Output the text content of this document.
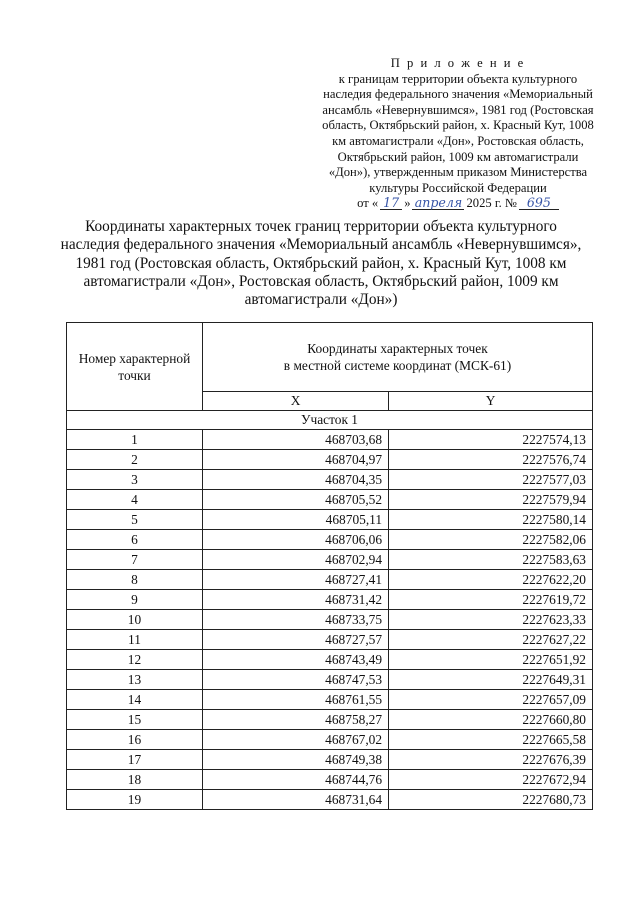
П р и л о ж е н и е
к границам территории объекта культурного наследия федерального значения «Мемориальный ансамбль «Невернувшимся», 1981 год (Ростовская область, Октябрьский район, х. Красный Кут, 1008 км автомагистрали «Дон», Ростовская область, Октябрьский район, 1009 км автомагистрали «Дон»), утвержденным приказом Министерства культуры Российской Федерации
от « 17 » апреля 2025 г. № 695
Координаты характерных точек границ территории объекта культурного наследия федерального значения «Мемориальный ансамбль «Невернувшимся», 1981 год (Ростовская область, Октябрьский район, х. Красный Кут, 1008 км автомагистрали «Дон», Ростовская область, Октябрьский район, 1009 км автомагистрали «Дон»)
Номер характерной точки	Координаты характерных точек
в местной системе координат (МСК-61)	
	X	Y
Участок 1		
1	468703,68	2227574,13
2	468704,97	2227576,74
3	468704,35	2227577,03
4	468705,52	2227579,94
5	468705,11	2227580,14
6	468706,06	2227582,06
7	468702,94	2227583,63
8	468727,41	2227622,20
9	468731,42	2227619,72
10	468733,75	2227623,33
11	468727,57	2227627,22
12	468743,49	2227651,92
13	468747,53	2227649,31
14	468761,55	2227657,09
15	468758,27	2227660,80
16	468767,02	2227665,58
17	468749,38	2227676,39
18	468744,76	2227672,94
19	468731,64	2227680,73
